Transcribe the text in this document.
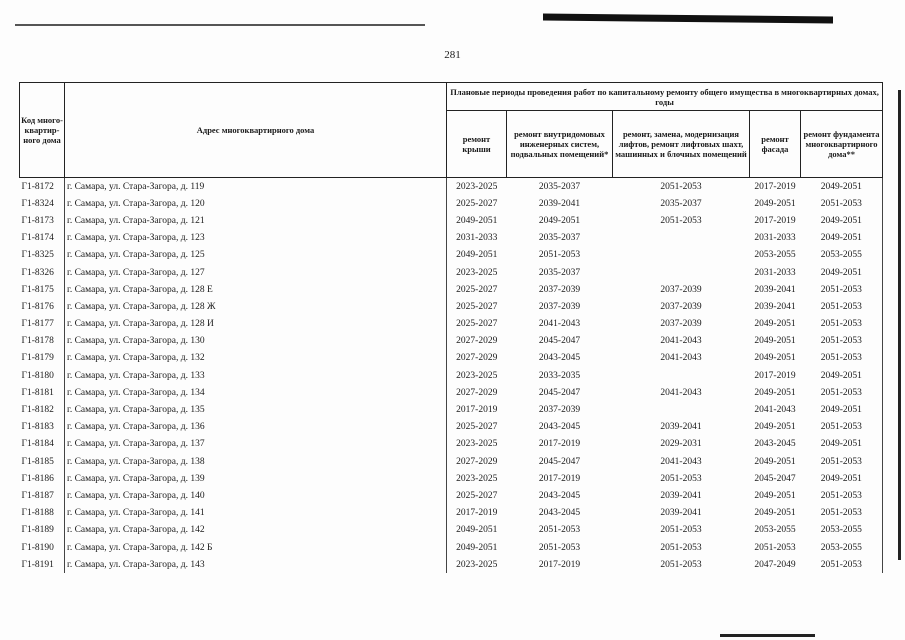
281
Код много-квартир-ного дома	Адрес многоквартирного дома	Плановые периоды проведения работ по капитальному ремонту общего имущества в многоквартирных домах, годы				
		ремонт крыши	ремонт внутридомовых инженерных систем, подвальных помещений*	ремонт, замена, модернизация лифтов, ремонт лифтовых шахт, машинных и блочных помещений	ремонт фасада	ремонт фундамента многоквартирного дома**
Г1-8172	г. Самара, ул. Стара-Загора, д. 119	2023-2025	2035-2037	2051-2053	2017-2019	2049-2051
Г1-8324	г. Самара, ул. Стара-Загора, д. 120	2025-2027	2039-2041	2035-2037	2049-2051	2051-2053
Г1-8173	г. Самара, ул. Стара-Загора, д. 121	2049-2051	2049-2051	2051-2053	2017-2019	2049-2051
Г1-8174	г. Самара, ул. Стара-Загора, д. 123	2031-2033	2035-2037		2031-2033	2049-2051
Г1-8325	г. Самара, ул. Стара-Загора, д. 125	2049-2051	2051-2053		2053-2055	2053-2055
Г1-8326	г. Самара, ул. Стара-Загора, д. 127	2023-2025	2035-2037		2031-2033	2049-2051
Г1-8175	г. Самара, ул. Стара-Загора, д. 128 Е	2025-2027	2037-2039	2037-2039	2039-2041	2051-2053
Г1-8176	г. Самара, ул. Стара-Загора, д. 128 Ж	2025-2027	2037-2039	2037-2039	2039-2041	2051-2053
Г1-8177	г. Самара, ул. Стара-Загора, д. 128 И	2025-2027	2041-2043	2037-2039	2049-2051	2051-2053
Г1-8178	г. Самара, ул. Стара-Загора, д. 130	2027-2029	2045-2047	2041-2043	2049-2051	2051-2053
Г1-8179	г. Самара, ул. Стара-Загора, д. 132	2027-2029	2043-2045	2041-2043	2049-2051	2051-2053
Г1-8180	г. Самара, ул. Стара-Загора, д. 133	2023-2025	2033-2035		2017-2019	2049-2051
Г1-8181	г. Самара, ул. Стара-Загора, д. 134	2027-2029	2045-2047	2041-2043	2049-2051	2051-2053
Г1-8182	г. Самара, ул. Стара-Загора, д. 135	2017-2019	2037-2039		2041-2043	2049-2051
Г1-8183	г. Самара, ул. Стара-Загора, д. 136	2025-2027	2043-2045	2039-2041	2049-2051	2051-2053
Г1-8184	г. Самара, ул. Стара-Загора, д. 137	2023-2025	2017-2019	2029-2031	2043-2045	2049-2051
Г1-8185	г. Самара, ул. Стара-Загора, д. 138	2027-2029	2045-2047	2041-2043	2049-2051	2051-2053
Г1-8186	г. Самара, ул. Стара-Загора, д. 139	2023-2025	2017-2019	2051-2053	2045-2047	2049-2051
Г1-8187	г. Самара, ул. Стара-Загора, д. 140	2025-2027	2043-2045	2039-2041	2049-2051	2051-2053
Г1-8188	г. Самара, ул. Стара-Загора, д. 141	2017-2019	2043-2045	2039-2041	2049-2051	2051-2053
Г1-8189	г. Самара, ул. Стара-Загора, д. 142	2049-2051	2051-2053	2051-2053	2053-2055	2053-2055
Г1-8190	г. Самара, ул. Стара-Загора, д. 142 Б	2049-2051	2051-2053	2051-2053	2051-2053	2053-2055
Г1-8191	г. Самара, ул. Стара-Загора, д. 143	2023-2025	2017-2019	2051-2053	2047-2049	2051-2053
